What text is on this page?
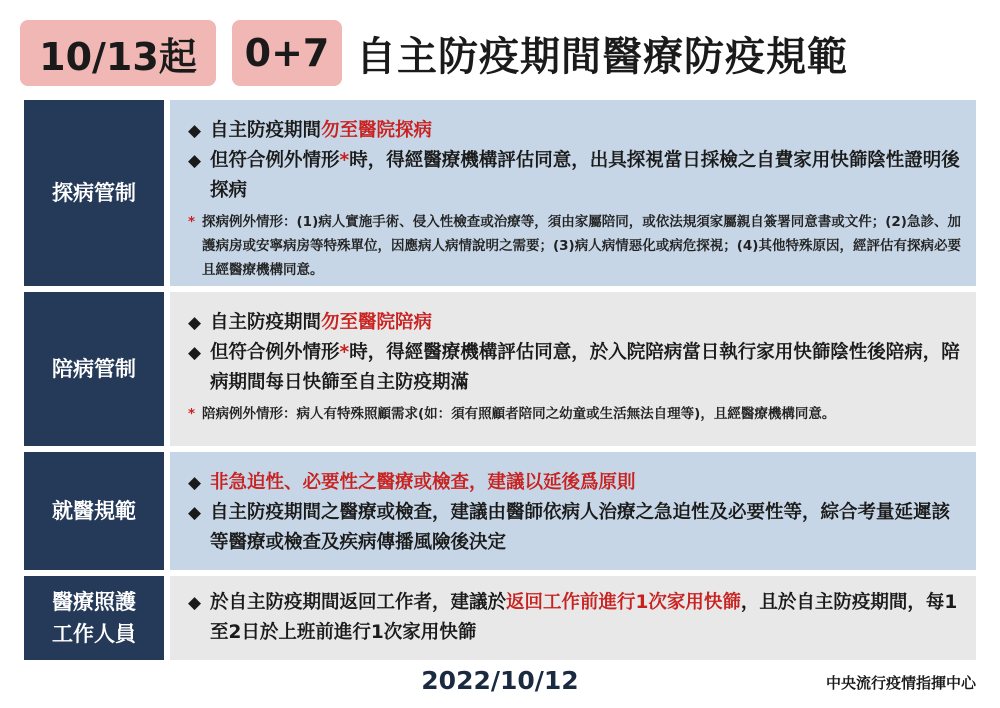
10/13起	0+7 自主防疫期間醫療防疫規範
探病管制
◆ 自主防疫期間勿至醫院探病
◆ 但符合例外情形*時，得經醫療機構評估同意，出具探視當日採檢之自費家用快篩陰性證明後探病
* 探病例外情形：(1)病人實施手術、侵入性檢查或治療等，須由家屬陪同，或依法規須家屬親自簽署同意書或文件；(2)急診、加護病房或安寧病房等特殊單位，因應病人病情說明之需要；(3)病人病情惡化或病危探視；(4)其他特殊原因，經評估有探病必要且經醫療機構同意。
陪病管制
◆ 自主防疫期間勿至醫院陪病
◆ 但符合例外情形*時，得經醫療機構評估同意，於入院陪病當日執行家用快篩陰性後陪病，陪病期間每日快篩至自主防疫期滿
* 陪病例外情形：病人有特殊照顧需求(如：須有照顧者陪同之幼童或生活無法自理等)，且經醫療機構同意。
就醫規範
◆ 非急迫性、必要性之醫療或檢查，建議以延後爲原則
◆ 自主防疫期間之醫療或檢查，建議由醫師依病人治療之急迫性及必要性等，綜合考量延遲該等醫療或檢查及疾病傳播風險後決定
醫療照護
工作人員
◆ 於自主防疫期間返回工作者，建議於返回工作前進行1次家用快篩，且於自主防疫期間，每1至2日於上班前進行1次家用快篩
2022/10/12	中央流行疫情指揮中心
